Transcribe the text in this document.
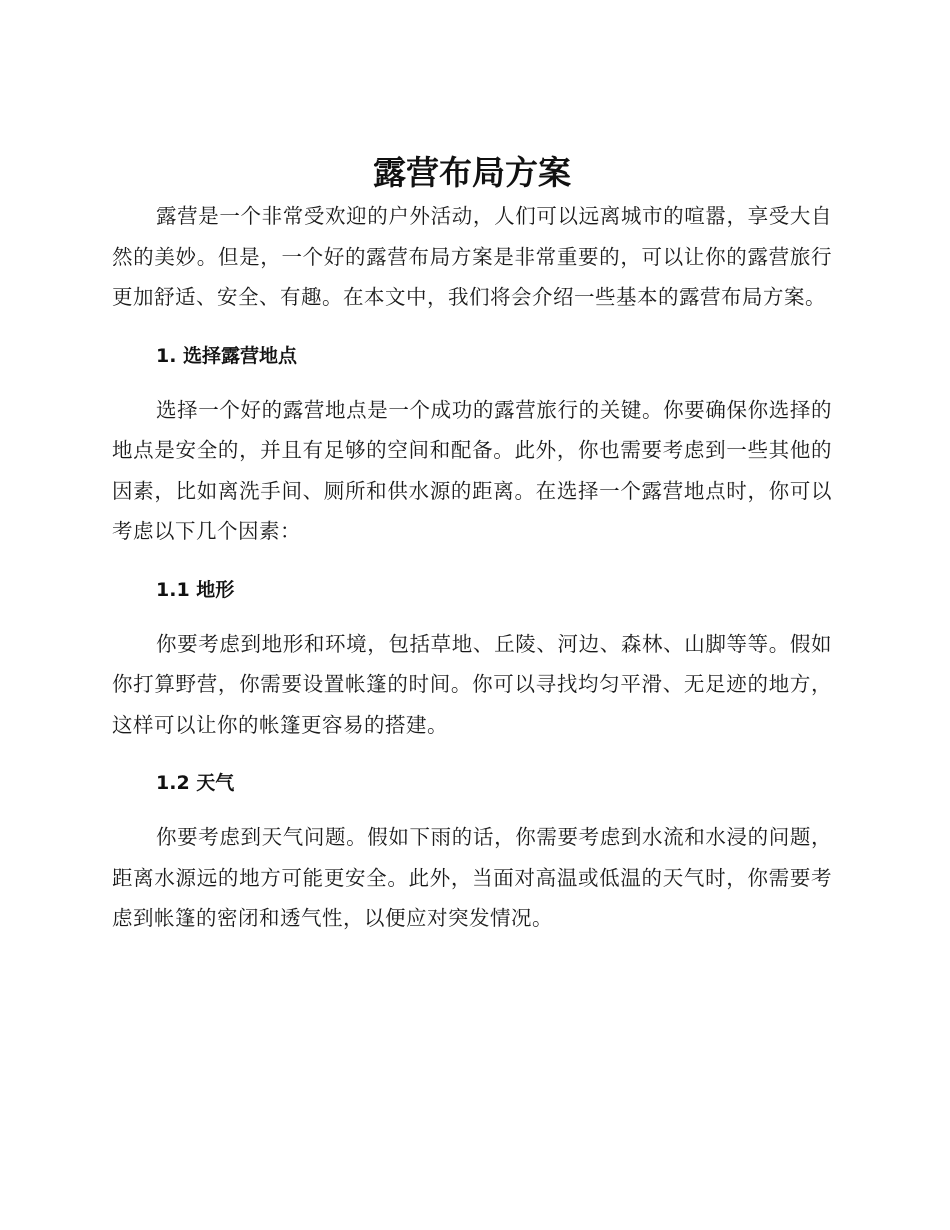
露营布局方案

露营是一个非常受欢迎的户外活动，人们可以远离城市的喧嚣，享受大自然的美妙。但是，一个好的露营布局方案是非常重要的，可以让你的露营旅行更加舒适、安全、有趣。在本文中，我们将会介绍一些基本的露营布局方案。

1. 选择露营地点

选择一个好的露营地点是一个成功的露营旅行的关键。你要确保你选择的地点是安全的，并且有足够的空间和配备。此外，你也需要考虑到一些其他的因素，比如离洗手间、厕所和供水源的距离。在选择一个露营地点时，你可以考虑以下几个因素：

1.1 地形

你要考虑到地形和环境，包括草地、丘陵、河边、森林、山脚等等。假如你打算野营，你需要设置帐篷的时间。你可以寻找均匀平滑、无足迹的地方，这样可以让你的帐篷更容易的搭建。

1.2 天气

你要考虑到天气问题。假如下雨的话，你需要考虑到水流和水浸的问题，距离水源远的地方可能更安全。此外，当面对高温或低温的天气时，你需要考虑到帐篷的密闭和透气性，以便应对突发情况。
